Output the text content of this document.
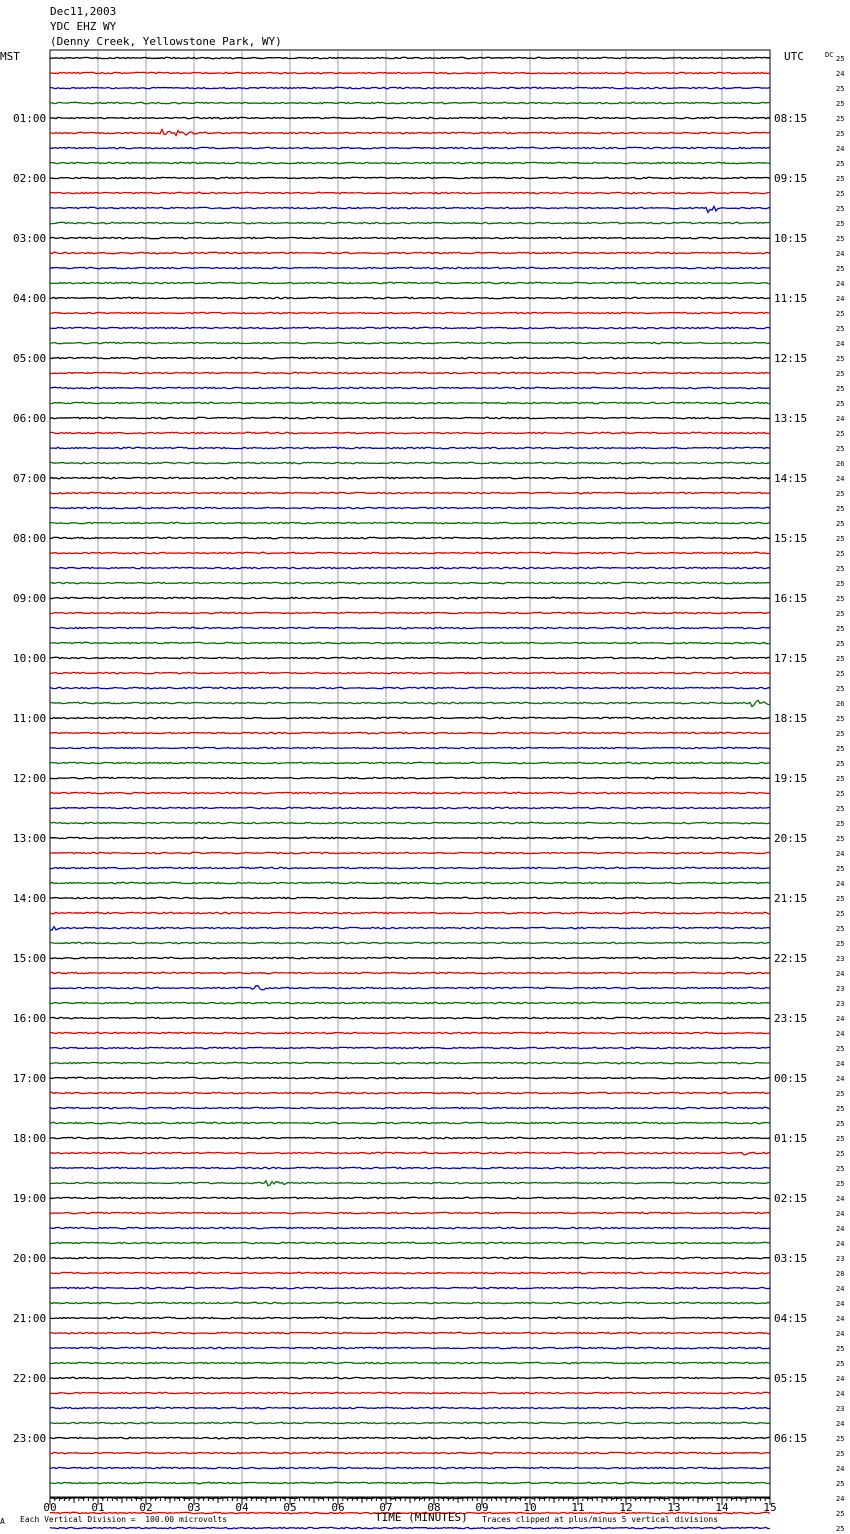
Dec11,2003
YDC EHZ WY
(Denny Creek, Yellowstone Park, WY)
MST	UTC	DC 25
24
25
25
25
25
24
25
25
25
25
25
25
24
25
24
24
25
25
24
25
25
25
25
24
25
25
26
24
25
25
25
25
25
25
25
25
25
25
25
25
25
25
26
25
25
25
25
25
25
25
25
25
24
25
24
25
25
25
25
23
24
23
23
24
24
25
24
24
25
25
25
25
25
25
25
24
24
24
24
23
28
24
24
24
24
25
25
24
24
23
24
25
25
24
25
24
25
25
01:00
02:00
03:00
04:00
05:00
06:00
07:00
08:00
09:00
10:00
11:00
12:00
13:00
14:00
15:00
16:00
17:00
18:00
19:00
20:00
21:00
22:00
23:00
08:15
09:15
10:15
11:15
12:15
13:15
14:15
15:15
16:15
17:15
18:15
19:15
20:15
21:15
22:15
23:15
00:15
01:15
02:15
03:15
04:15
05:15
06:15
00	01	02	03	04	05	06	07	08	09	10	11	12	13	14	15
A Each Vertical Division =  100.00 microvolts	TIME (MINUTES) Traces clipped at plus/minus 5 vertical divisions
